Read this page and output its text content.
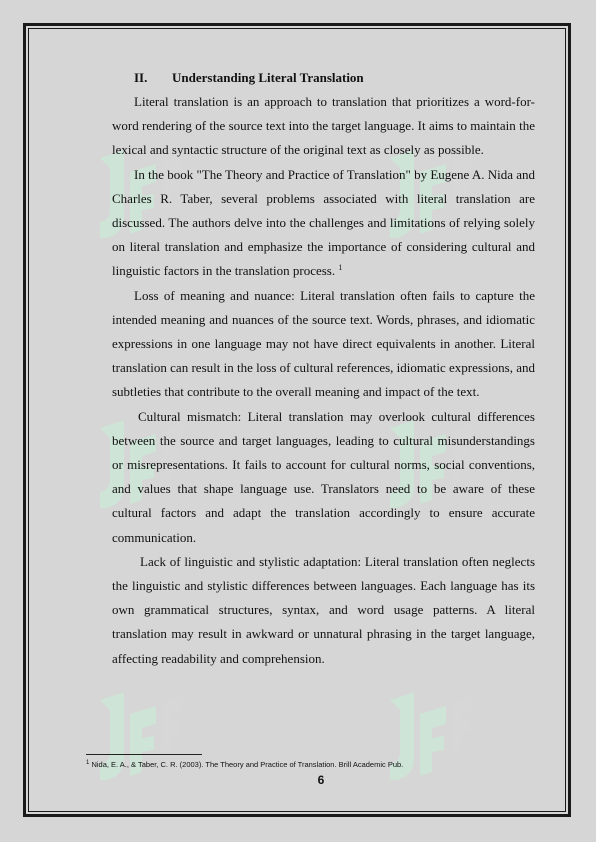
II. Understanding Literal Translation

Literal translation is an approach to translation that prioritizes a word-for-word rendering of the source text into the target language. It aims to maintain the lexical and syntactic structure of the original text as closely as possible.

In the book "The Theory and Practice of Translation" by Eugene A. Nida and Charles R. Taber, several problems associated with literal translation are discussed. The authors delve into the challenges and limitations of relying solely on literal translation and emphasize the importance of considering cultural and linguistic factors in the translation process. $^1$

Loss of meaning and nuance: Literal translation often fails to capture the intended meaning and nuances of the source text. Words, phrases, and idiomatic expressions in one language may not have direct equivalents in another. Literal translation can result in the loss of cultural references, idiomatic expressions, and subtleties that contribute to the overall meaning and impact of the text.

Cultural mismatch: Literal translation may overlook cultural differences between the source and target languages, leading to cultural misunderstandings or misrepresentations. It fails to account for cultural norms, social conventions, and values that shape language use. Translators need to be aware of these cultural factors and adapt the translation accordingly to ensure accurate communication.

Lack of linguistic and stylistic adaptation: Literal translation often neglects the linguistic and stylistic differences between languages. Each language has its own grammatical structures, syntax, and word usage patterns. A literal translation may result in awkward or unnatural phrasing in the target language, affecting readability and comprehension.

$^1$ Nida, E. A., & Taber, C. R. (2003). The Theory and Practice of Translation. Brill Academic Pub.
6
